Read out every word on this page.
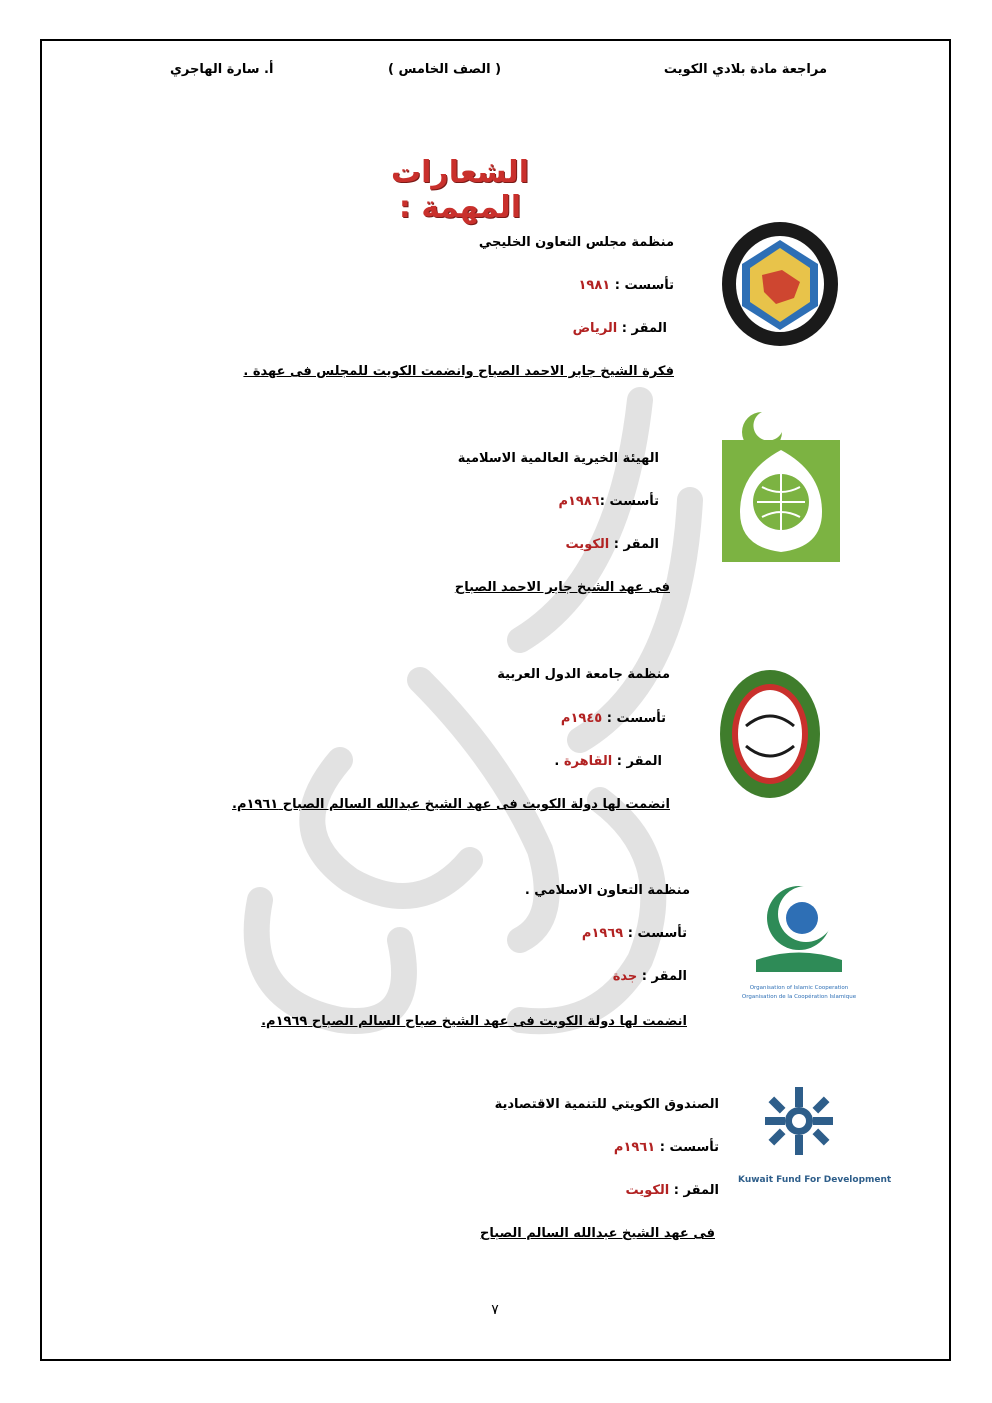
مراجعة مادة بلادي الكويت
( الصف الخامس )
أ. سارة الهاجري
الشعارات المهمة :
منظمة مجلس التعاون الخليجي
تأسست : ١٩٨١
المقر : الرياض
فكرة الشيخ جابر الاحمد الصباح وانضمت الكويت للمجلس فى عهدة .
الهيئة الخيرية العالمية الاسلامية
تأسست :١٩٨٦م
المقر : الكويت
فى عهد الشيخ جابر الاحمد الصباح
منظمة جامعة الدول العربية
تأسست : ١٩٤٥م
المقر : القاهرة .
انضمت لها دولة الكويت فى عهد الشيخ عبدالله السالم الصباح ١٩٦١م.
Organisation of Islamic Cooperation
Organisation de la Coopération Islamique
منظمة التعاون الاسلامي .
تأسست : ١٩٦٩م
المقر : جدة
انضمت لها دولة الكويت فى عهد الشيخ صباح السالم الصباح ١٩٦٩م.
Kuwait Fund For Development
الصندوق الكويتي للتنمية الاقتصادية
تأسست : ١٩٦١م
المقر : الكويت
فى عهد الشيخ عبدالله السالم الصباح
٧
